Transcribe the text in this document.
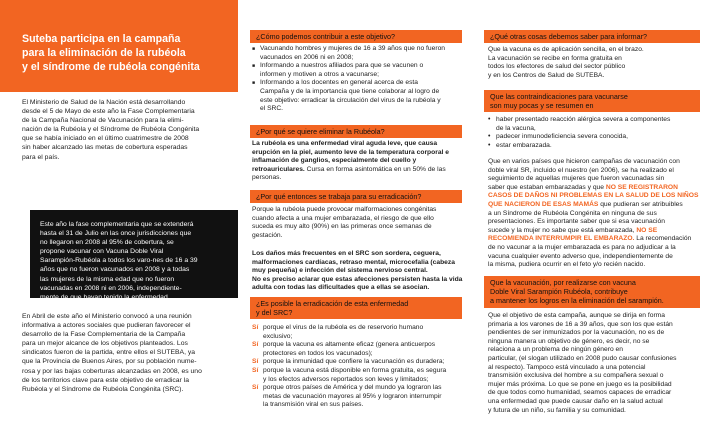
Suteba participa en la campaña
para la eliminación de la rubéola
y el síndrome de rubéola congénita
El Ministerio de Salud de la Nación está desarrollando
desde el 5 de Mayo de este año la Fase Complementaria
de la Campaña Nacional de Vacunación para la elimi-
nación de la Rubéola y el Síndrome de Rubéola Congénita
que se había iniciado en el último cuatrimestre de 2008
sin haber alcanzado las metas de cobertura esperadas
para el país.
Este año la fase complementaria que se extenderá
hasta el 31 de Julio en las once jurisdicciones que
no llegaron en 2008 al 95% de cobertura, se
propone vacunar con Vacuna Doble Viral
Sarampión-Rubéola a todos los varo-nes de 16 a 39
años que no fueron vacunados en 2008 y a todas
las mujeres de la misma edad que no fueron
vacunadas en 2008 ni en 2006, independiente-
mente de que hayan tenido la enfermedad.
En Abril de este año el Ministerio convocó a una reunión
informativa a actores sociales que pudieran favorecer el
desarrollo de la Fase Complementaria de la Campaña
para un mejor alcance de los objetivos planteados. Los
sindicatos fueron de la partida, entre ellos el SUTEBA, ya
que la Provincia de Buenos Aires, por su población nume-
rosa y por las bajas coberturas alcanzadas en 2008, es uno
de los territorios clave para este objetivo de erradicar la
Rubéola y el Síndrome de Rubéola Congénita (SRC).
¿Cómo podemos contribuir a este objetivo?
■ Vacunando hombres y mujeres de 16 a 39 años que no fueron
vacunados en 2006 ni en 2008;
■ Informando a nuestros afiliados para que se vacunen o
informen y motiven a otros a vacunarse;
■ Informando a los docentes en general acerca de esta
Campaña y de la importancia que tiene colaborar al logro de
este objetivo: erradicar la circulación del virus de la rubéola y
el SRC.
¿Por qué se quiere eliminar la Rubéola?
La rubéola es una enfermedad viral aguda leve, que causa
erupción en la piel, aumento leve de la temperatura corporal e
inflamación de ganglios, especialmente del cuello y
retroauriculares. Cursa en forma asintomática en un 50% de las
personas.
¿Por qué entonces se trabaja para su erradicación?
Porque la rubéola puede provocar malformaciones congénitas
cuando afecta a una mujer embarazada, el riesgo de que ello
suceda es muy alto (90%) en las primeras once semanas de
gestación.
Los daños más frecuentes en el SRC son sordera, ceguera,
malformaciones cardíacas, retraso mental, microcefalia (cabeza
muy pequeña) e infección del sistema nervioso central.
No es preciso aclarar que estas afecciones persisten hasta la vida
adulta con todas las dificultades que a ellas se asocian.
¿Es posible la erradicación de esta enfermedad
y del SRC?
Sí porque el virus de la rubéola es de reservorio humano
exclusivo;
Sí porque la vacuna es altamente eficaz (genera anticuerpos
protectores en todos los vacunados);
Sí porque la inmunidad que confiere la vacunación es duradera;
Sí porque la vacuna está disponible en forma gratuita, es segura
y los efectos adversos reportados son leves y limitados;
Sí porque otros países de América y del mundo ya lograron las
metas de vacunación mayores al 95% y lograron interrumpir
la transmisión viral en sus países.
¿Qué otras cosas debemos saber para informar?
Que la vacuna es de aplicación sencilla, en el brazo.
La vacunación se recibe en forma gratuita en
todos los efectores de salud del sector público
y en los Centros de Salud de SUTEBA.
Que las contraindicaciones para vacunarse
son muy pocas y se resumen en
• haber presentado reacción alérgica severa a componentes
de la vacuna,
• padecer inmunodeficiencia severa conocida,
• estar embarazada.
Que en varios países que hicieron campañas de vacunación con
doble viral SR, incluido el nuestro (en 2006), se ha realizado el
seguimiento de aquellas mujeres que fueron vacunadas sin
saber que estaban embarazadas y que NO SE REGISTRARON
CASOS DE DAÑOS NI PROBLEMAS EN LA SALUD DE LOS NIÑOS
QUE NACIERON DE ESAS MAMÁS que pudieran ser atribuibles
a un Síndrome de Rubéola Congénita en ninguna de sus
presentaciones. Es importante saber que si esa vacunación
sucede y la mujer no sabe que está embarazada, NO SE
RECOMIENDA INTERRUMPIR EL EMBARAZO. La recomendación
de no vacunar a la mujer embarazada es para no adjudicar a la
vacuna cualquier evento adverso que, independientemente de
la misma, pudiera ocurrir en el feto y/o recién nacido.
Que la vacunación, por realizarse con vacuna
Doble Viral Sarampión Rubéola, contribuye
a mantener los logros en la eliminación del sarampión.
Que el objetivo de esta campaña, aunque se dirija en forma
primaria a los varones de 16 a 39 años, que son los que están
pendientes de ser inmunizados por la vacunación, no es de
ninguna manera un objetivo de género, es decir, no se
relaciona a un problema de ningún género en
particular, (el slogan utilizado en 2008 pudo causar confusiones
al respecto). Tampoco está vinculado a una potencial
transmisión exclusiva del hombre a su compañera sexual o
mujer más próxima. Lo que se pone en juego es la posibilidad
de que todos como humanidad, seamos capaces de erradicar
una enfermedad que puede causar daño en la salud actual
y futura de un niño, su familia y su comunidad.
